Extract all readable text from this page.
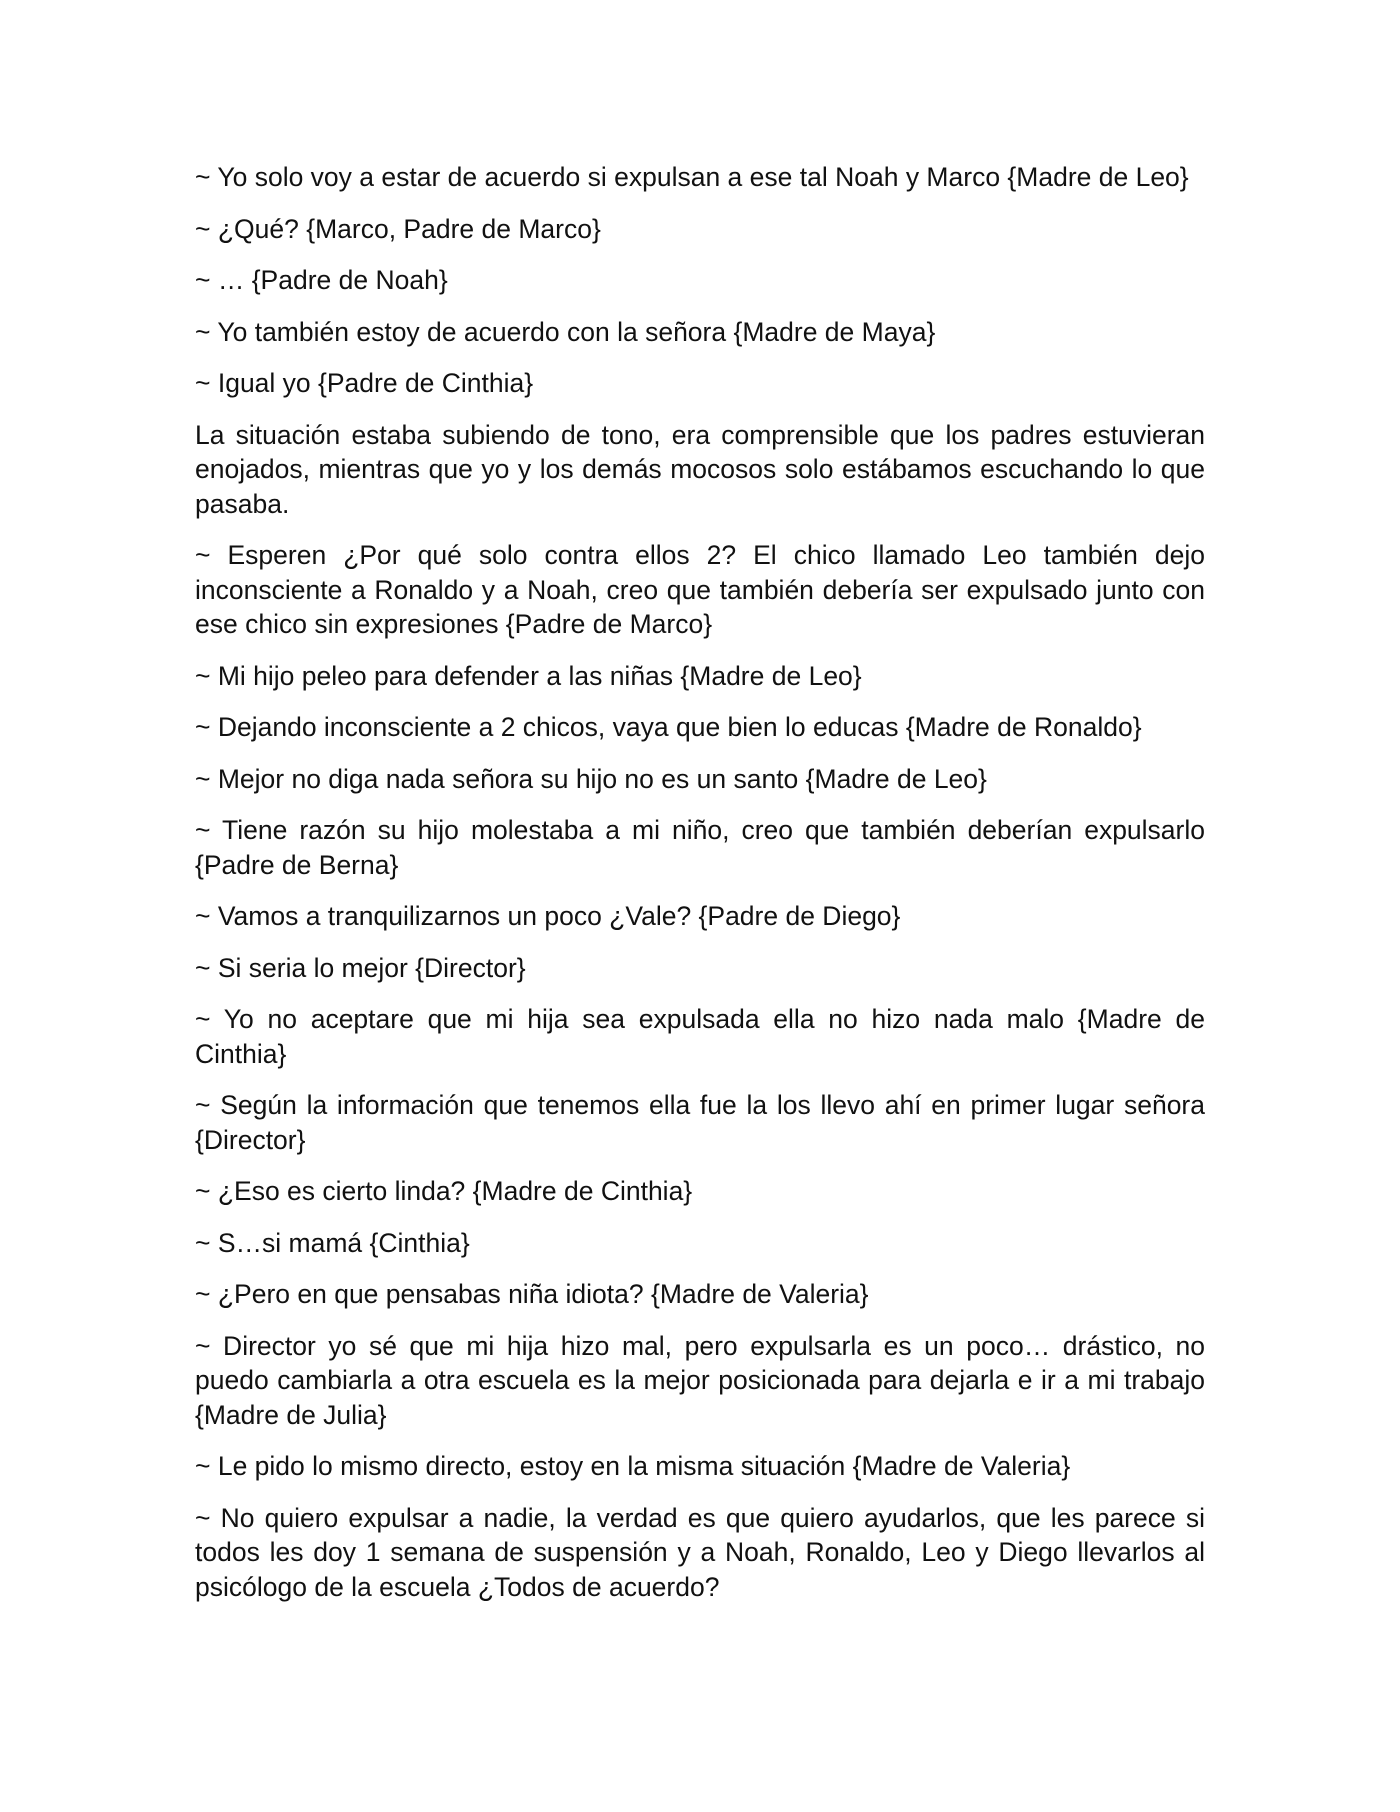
~ Yo solo voy a estar de acuerdo si expulsan a ese tal Noah y Marco {Madre de Leo}

~ ¿Qué? {Marco, Padre de Marco}

~ … {Padre de Noah}

~ Yo también estoy de acuerdo con la señora {Madre de Maya}

~ Igual yo {Padre de Cinthia}

La situación estaba subiendo de tono, era comprensible que los padres estuvieran enojados, mientras que yo y los demás mocosos solo estábamos escuchando lo que pasaba.

~ Esperen ¿Por qué solo contra ellos 2? El chico llamado Leo también dejo inconsciente a Ronaldo y a Noah, creo que también debería ser expulsado junto con ese chico sin expresiones {Padre de Marco}

~ Mi hijo peleo para defender a las niñas {Madre de Leo}

~ Dejando inconsciente a 2 chicos, vaya que bien lo educas {Madre de Ronaldo}

~ Mejor no diga nada señora su hijo no es un santo {Madre de Leo}

~ Tiene razón su hijo molestaba a mi niño, creo que también deberían expulsarlo {Padre de Berna}

~ Vamos a tranquilizarnos un poco ¿Vale? {Padre de Diego}

~ Si seria lo mejor {Director}

~ Yo no aceptare que mi hija sea expulsada ella no hizo nada malo {Madre de Cinthia}

~ Según la información que tenemos ella fue la los llevo ahí en primer lugar señora {Director}

~ ¿Eso es cierto linda? {Madre de Cinthia}

~ S…si mamá {Cinthia}

~ ¿Pero en que pensabas niña idiota? {Madre de Valeria}

~ Director yo sé que mi hija hizo mal, pero expulsarla es un poco… drástico, no puedo cambiarla a otra escuela es la mejor posicionada para dejarla e ir a mi trabajo {Madre de Julia}

~ Le pido lo mismo directo, estoy en la misma situación {Madre de Valeria}

~ No quiero expulsar a nadie, la verdad es que quiero ayudarlos, que les parece si todos les doy 1 semana de suspensión y a Noah, Ronaldo, Leo y Diego llevarlos al psicólogo de la escuela ¿Todos de acuerdo?
